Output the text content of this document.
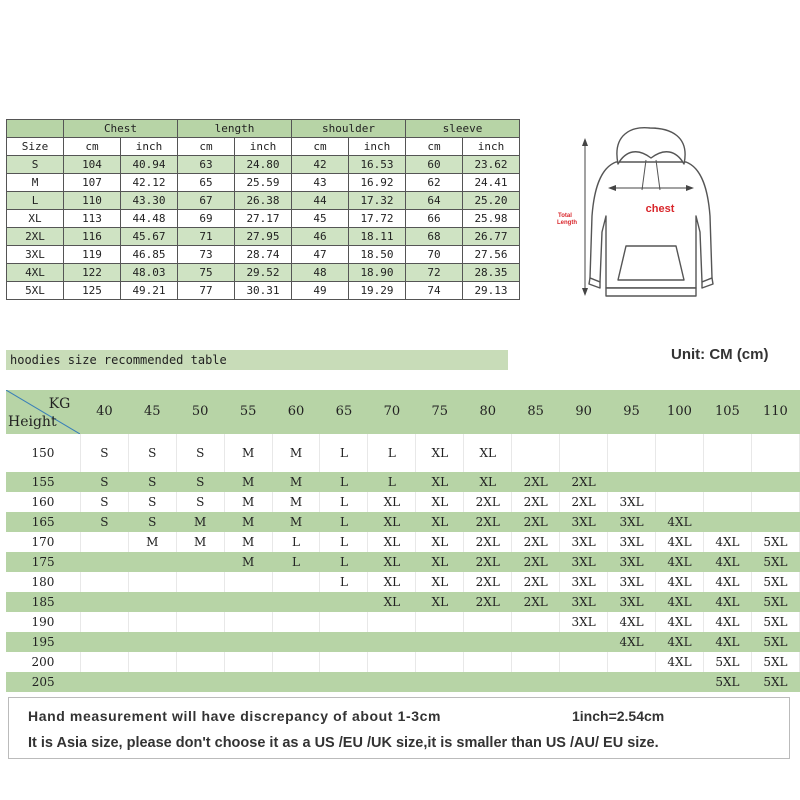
	Chest		length		shoulder		sleeve	
Size	cm	inch	cm	inch	cm	inch	cm	inch
S	104	40.94	63	24.80	42	16.53	60	23.62
M	107	42.12	65	25.59	43	16.92	62	24.41
L	110	43.30	67	26.38	44	17.32	64	25.20
XL	113	44.48	69	27.17	45	17.72	66	25.98
2XL	116	45.67	71	27.95	46	18.11	68	26.77
3XL	119	46.85	73	28.74	47	18.50	70	27.56
4XL	122	48.03	75	29.52	48	18.90	72	28.35
5XL	125	49.21	77	30.31	49	19.29	74	29.13
Total
Length
chest
hoodies size recommended table	Unit: CM (cm)
KG
Height	40	45	50	55	60	65	70	75	80	85	90	95	100	105	110
150	S	S	S	M	M	L	L	XL	XL						
155	S	S	S	M	M	L	L	XL	XL	2XL	2XL				
160	S	S	S	M	M	L	XL	XL	2XL	2XL	2XL	3XL			
165	S	S	M	M	M	L	XL	XL	2XL	2XL	3XL	3XL	4XL		
170		M	M	M	L	L	XL	XL	2XL	2XL	3XL	3XL	4XL	4XL	5XL
175				M	L	L	XL	XL	2XL	2XL	3XL	3XL	4XL	4XL	5XL
180						L	XL	XL	2XL	2XL	3XL	3XL	4XL	4XL	5XL
185							XL	XL	2XL	2XL	3XL	3XL	4XL	4XL	5XL
190											3XL	4XL	4XL	4XL	5XL
195												4XL	4XL	4XL	5XL
200													4XL	5XL	5XL
205														5XL	5XL
Hand measurement will have discrepancy of about 1-3cm	1inch=2.54cm
It is Asia size, please don't choose it as a US /EU /UK size,it is smaller than US /AU/ EU size.
